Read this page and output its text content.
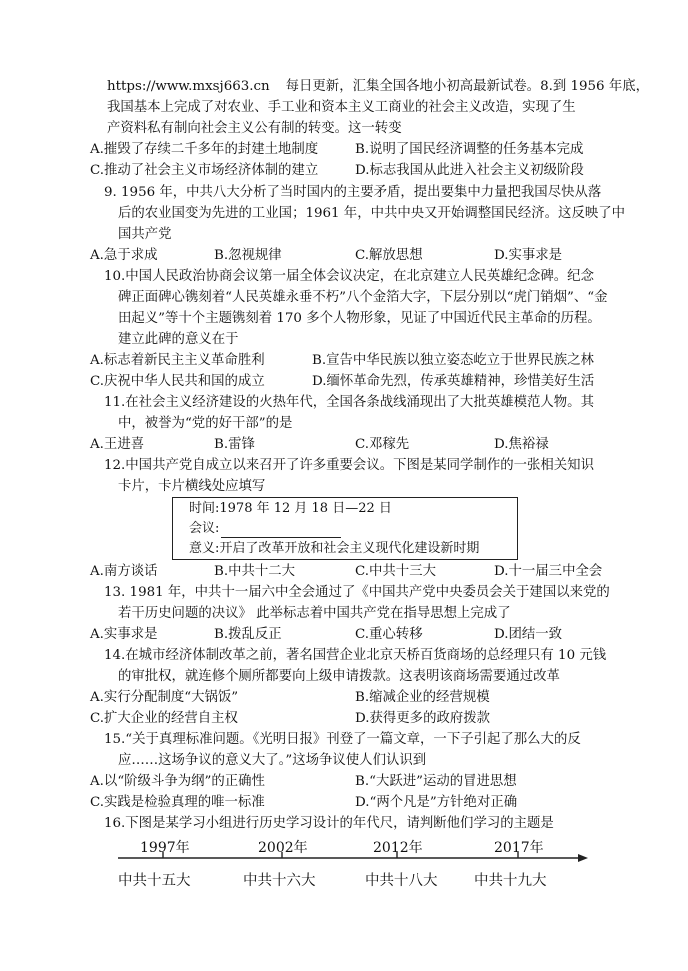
https://www.mxsj663.cn 每日更新，汇集全国各地小初高最新试卷。8.到 1956 年底，
我国基本上完成了对农业、手工业和资本主义工商业的社会主义改造，实现了生
产资料私有制向社会主义公有制的转变。这一转变
A.摧毁了存续二千多年的封建土地制度	B.说明了国民经济调整的任务基本完成
C.推动了社会主义市场经济体制的建立	D.标志我国从此进入社会主义初级阶段
9. 1956 年，中共八大分析了当时国内的主要矛盾，提出要集中力量把我国尽快从落
后的农业国变为先进的工业国；1961 年，中共中央又开始调整国民经济。这反映了中
国共产党
A.急于求成	B.忽视规律	C.解放思想	D.实事求是
10.中国人民政治协商会议第一届全体会议决定，在北京建立人民英雄纪念碑。纪念
碑正面碑心镌刻着“人民英雄永垂不朽”八个金箔大字，下层分别以“虎门销烟”、“金
田起义”等十个主题镌刻着 170 多个人物形象，见证了中国近代民主革命的历程。
建立此碑的意义在于
A.标志着新民主主义革命胜利	B.宣告中华民族以独立姿态屹立于世界民族之林
C.庆祝中华人民共和国的成立	D.缅怀革命先烈，传承英雄精神，珍惜美好生活
11.在社会主义经济建设的火热年代，全国各条战线涌现出了大批英雄模范人物。其
中，被誉为“党的好干部”的是
A.王进喜	B.雷锋	C.邓稼先	D.焦裕禄
12.中国共产党自成立以来召开了许多重要会议。下图是某同学制作的一张相关知识
卡片，卡片横线处应填写
时间:1978 年 12 月 18 日—22 日
会议:
意义:开启了改革开放和社会主义现代化建设新时期
A.南方谈话	B.中共十二大	C.中共十三大	D.十一届三中全会
13. 1981 年，中共十一届六中全会通过了《中国共产党中央委员会关于建国以来党的
若干历史问题的决议》 此举标志着中国共产党在指导思想上完成了
A.实事求是	B.拨乱反正	C.重心转移	D.团结一致
14.在城市经济体制改革之前，著名国营企业北京天桥百货商场的总经理只有 10 元钱
的审批权，就连修个厕所都要向上级申请拨款。这表明该商场需要通过改革
A.实行分配制度“大锅饭”	B.缩减企业的经营规模
C.扩大企业的经营自主权	D.获得更多的政府拨款
15.“关于真理标准问题。《光明日报》刊登了一篇文章，一下子引起了那么大的反
应……这场争议的意义大了。”这场争议使人们认识到
A.以“阶级斗争为纲”的正确性	B.“大跃进”运动的冒进思想
C.实践是检验真理的唯一标准	D.“两个凡是”方针绝对正确
16.下图是某学习小组进行历史学习设计的年代尺，请判断他们学习的主题是
1997年	2002年	2012年	2017年
中共十五大	中共十六大	中共十八大	中共十九大
